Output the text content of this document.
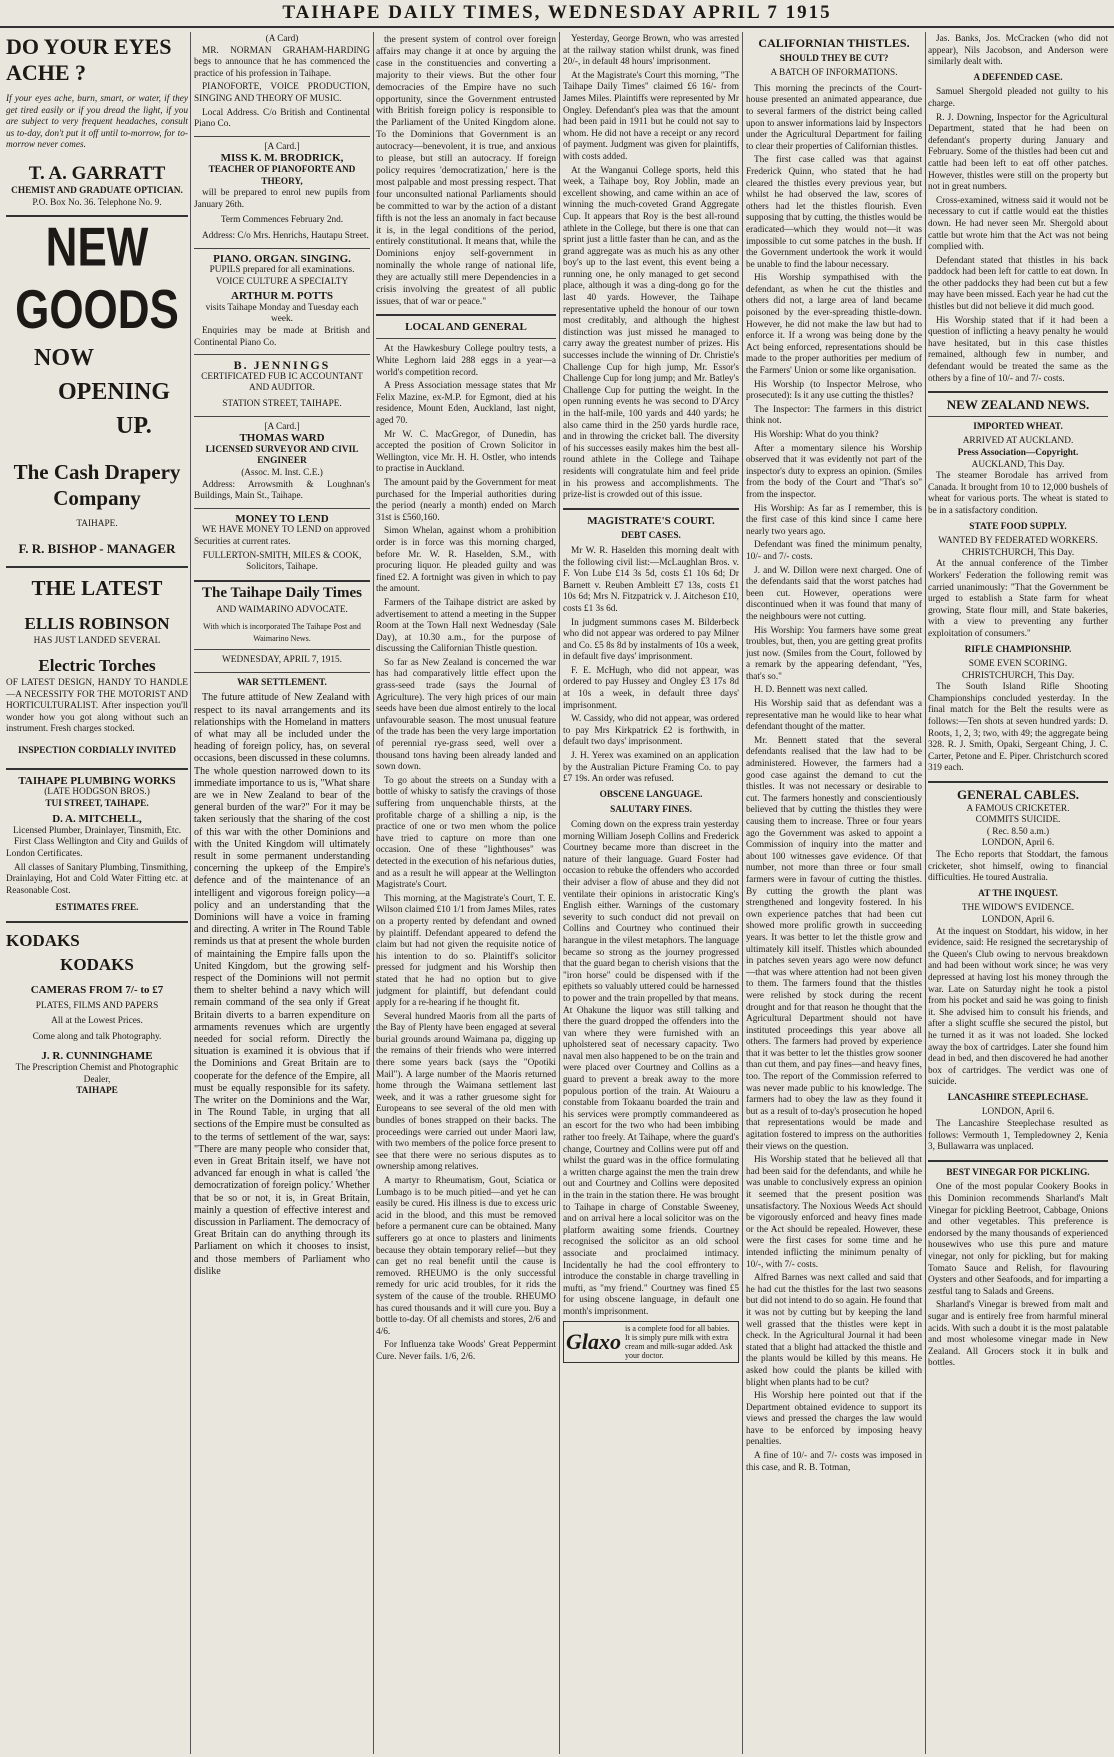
TAIHAPE DAILY TIMES, WEDNESDAY APRIL 7 1915
DO YOUR EYES ACHE ?

If your eyes ache, burn, smart, or water, if they get tired easily or if you dread the light, if you are subject to very frequent headaches, consult us to-day, don't put it off until to-morrow, for to-morrow never comes.

T. A. GARRATT
CHEMIST AND GRADUATE OPTICIAN.
P.O. Box No. 36. Telephone No. 9.
NEW GOODS
NOW
OPENING
UP.
The Cash Drapery Company
TAIHAPE.
F. R. BISHOP - MANAGER
THE LATEST
ELLIS ROBINSON
HAS JUST LANDED SEVERAL
Electric Torches

OF LATEST DESIGN, HANDY TO HANDLE—A NECESSITY FOR THE MOTORIST AND HORTICULTURALIST. After inspection you'll wonder how you got along without such an instrument. Fresh charges stocked.

INSPECTION CORDIALLY INVITED
TAIHAPE PLUMBING WORKS
(LATE HODGSON BROS.)
TUI STREET, TAIHAPE.
D. A. MITCHELL,
Licensed Plumber, Drainlayer, Tinsmith, Etc.

First Class Wellington and City and Guilds of London Certificates.

All classes of Sanitary Plumbing, Tinsmithing, Drainlaying, Hot and Cold Water Fitting etc. at Reasonable Cost.

ESTIMATES FREE.
KODAKS
KODAKS
CAMERAS FROM 7/- to £7
PLATES, FILMS AND PAPERS
All at the Lowest Prices.
Come along and talk Photography.
J. R. CUNNINGHAME
The Prescription Chemist and Photographic Dealer,
TAIHAPE
(A Card)

MR. NORMAN GRAHAM-HARDING begs to announce that he has commenced the practice of his profession in Taihape.

PIANOFORTE, VOICE PRODUCTION, SINGING AND THEORY OF MUSIC.

Local Address. C/o British and Continental Piano Co.

[A Card.]
MISS K. M. BRODRICK,
TEACHER OF PIANOFORTE AND THEORY,

will be prepared to enrol new pupils from January 26th.

Term Commences February 2nd.

Address: C/o Mrs. Henrichs, Hautapu Street.

PIANO. ORGAN. SINGING.
PUPILS prepared for all examinations.
VOICE CULTURE A SPECIALTY
ARTHUR M. POTTS
visits Taihape Monday and Tuesday each week.

Enquiries may be made at British and Continental Piano Co.

B. JENNINGS
CERTIFICATED FUB IC ACCOUNTANT AND AUDITOR.
STATION STREET, TAIHAPE.
[A Card.]
THOMAS WARD
LICENSED SURVEYOR AND CIVIL ENGINEER
(Assoc. M. Inst. C.E.)

Address: Arrowsmith & Loughnan's Buildings, Main St., Taihape.

MONEY TO LEND

WE HAVE MONEY TO LEND on approved Securities at current rates.

FULLERTON-SMITH, MILES & COOK,
Solicitors, Taihape.
The Taihape Daily Times
AND WAIMARINO ADVOCATE.
With which is incorporated The Taihape Post and Waimarino News.
WEDNESDAY, APRIL 7, 1915.
WAR SETTLEMENT.

The future attitude of New Zealand with respect to its naval arrangements and its relationships with the Homeland in matters of what may all be included under the heading of foreign policy, has, on several occasions, been discussed in these columns. The whole question narrowed down to its immediate importance to us is, "What share are we in New Zealand to bear of the general burden of the war?" For it may be taken seriously that the sharing of the cost of this war with the other Dominions and with the United Kingdom will ultimately result in some permanent understanding concerning the upkeep of the Empire's defence and of the maintenance of an intelligent and vigorous foreign policy—a policy and an understanding that the Dominions will have a voice in framing and directing. A writer in The Round Table reminds us that at present the whole burden of maintaining the Empire falls upon the United Kingdom, but the growing self-respect of the Dominions will not permit them to shelter behind a navy which will remain command of the sea only if Great Britain diverts to a barren expenditure on armaments revenues which are urgently needed for social reform. Directly the situation is examined it is obvious that if the Dominions and Great Britain are to cooperate for the defence of the Empire, all must be equally responsible for its safety. The writer on the Dominions and the War, in The Round Table, in urging that all sections of the Empire must be consulted as to the terms of settlement of the war, says: "There are many people who consider that, even in Great Britain itself, we have not advanced far enough in what is called 'the democratization of foreign policy.' Whether that be so or not, it is, in Great Britain, mainly a question of effective interest and discussion in Parliament. The democracy of Great Britain can do anything through its Parliament on which it chooses to insist, and those members of Parliament who dislike

the present system of control over foreign affairs may change it at once by arguing the case in the constituencies and converting a majority to their views. But the other four democracies of the Empire have no such opportunity, since the Government entrusted with British foreign policy is responsible to the Parliament of the United Kingdom alone. To the Dominions that Government is an autocracy—benevolent, it is true, and anxious to please, but still an autocracy. If foreign policy requires 'democratization,' here is the most palpable and most pressing respect. That four unconsulted national Parliaments should be committed to war by the action of a distant fifth is not the less an anomaly in fact because it is, in the legal conditions of the period, entirely constitutional. It means that, while the Dominions enjoy self-government in nominally the whole range of national life, they are actually still mere Dependencies in a crisis involving the greatest of all public issues, that of war or peace."

LOCAL AND GENERAL

At the Hawkesbury College poultry tests, a White Leghorn laid 288 eggs in a year—a world's competition record.

A Press Association message states that Mr Felix Mazine, ex-M.P. for Egmont, died at his residence, Mount Eden, Auckland, last night, aged 70.

Mr W. C. MacGregor, of Dunedin, has accepted the position of Crown Solicitor in Wellington, vice Mr. H. H. Ostler, who intends to practise in Auckland.

The amount paid by the Government for meat purchased for the Imperial authorities during the period (nearly a month) ended on March 31st is £560,160.

Simon Whelan, against whom a prohibition order is in force was this morning charged, before Mr. W. R. Haselden, S.M., with procuring liquor. He pleaded guilty and was fined £2. A fortnight was given in which to pay the amount.

Farmers of the Taihape district are asked by advertisement to attend a meeting in the Supper Room at the Town Hall next Wednesday (Sale Day), at 10.30 a.m., for the purpose of discussing the Californian Thistle question.

So far as New Zealand is concerned the war has had comparatively little effect upon the grass-seed trade (says the Journal of Agriculture). The very high prices of our main seeds have been due almost entirely to the local unfavourable season. The most unusual feature of the trade has been the very large importation of perennial rye-grass seed, well over a thousand tons having been already landed and sown down.

To go about the streets on a Sunday with a bottle of whisky to satisfy the cravings of those suffering from unquenchable thirsts, at the profitable charge of a shilling a nip, is the practice of one or two men whom the police have tried to capture on more than one occasion. One of these "lighthouses" was detected in the execution of his nefarious duties, and as a result he will appear at the Wellington Magistrate's Court.

This morning, at the Magistrate's Court, T. E. Wilson claimed £10 1/1 from James Miles, rates on a property rented by defendant and owned by plaintiff. Defendant appeared to defend the claim but had not given the requisite notice of his intention to do so. Plaintiff's solicitor pressed for judgment and his Worship then stated that he had no option but to give judgment for plaintiff, but defendant could apply for a re-hearing if he thought fit.

Several hundred Maoris from all the parts of the Bay of Plenty have been engaged at several burial grounds around Waimana pa, digging up the remains of their friends who were interred there some years back (says the "Opotiki Mail"). A large number of the Maoris returned home through the Waimana settlement last week, and it was a rather gruesome sight for Europeans to see several of the old men with bundles of bones strapped on their backs. The proceedings were carried out under Maori law, with two members of the police force present to see that there were no serious disputes as to ownership among relatives.

A martyr to Rheumatism, Gout, Sciatica or Lumbago is to be much pitied—and yet he can easily be cured. His illness is due to excess uric acid in the blood, and this must be removed before a permanent cure can be obtained. Many sufferers go at once to plasters and liniments because they obtain temporary relief—but they can get no real benefit until the cause is removed. RHEUMO is the only successful remedy for uric acid troubles, for it rids the system of the cause of the trouble. RHEUMO has cured thousands and it will cure you. Buy a bottle to-day. Of all chemists and stores, 2/6 and 4/6.

For Influenza take Woods' Great Peppermint Cure. Never fails. 1/6, 2/6.

Yesterday, George Brown, who was arrested at the railway station whilst drunk, was fined 20/-, in default 48 hours' imprisonment.

At the Magistrate's Court this morning, "The Taihape Daily Times" claimed £6 16/- from James Miles. Plaintiffs were represented by Mr Ongley. Defendant's plea was that the amount had been paid in 1911 but he could not say to whom. He did not have a receipt or any record of payment. Judgment was given for plaintiffs, with costs added.

At the Wanganui College sports, held this week, a Taihape boy, Roy Joblin, made an excellent showing, and came within an ace of winning the much-coveted Grand Aggregate Cup. It appears that Roy is the best all-round athlete in the College, but there is one that can sprint just a little faster than he can, and as the grand aggregate was as much his as any other boy's up to the last event, this event being a running one, he only managed to get second place, although it was a ding-dong go for the last 40 yards. However, the Taihape representative upheld the honour of our town most creditably, and although the highest distinction was just missed he managed to carry away the greatest number of prizes. His successes include the winning of Dr. Christie's Challenge Cup for high jump, Mr. Essor's Challenge Cup for long jump; and Mr. Batley's Challenge Cup for putting the weight. In the open running events he was second to D'Arcy in the half-mile, 100 yards and 440 yards; he also came third in the 250 yards hurdle race, and in throwing the cricket ball. The diversity of his successes easily makes him the best all-round athlete in the College and Taihape residents will congratulate him and feel pride in his prowess and accomplishments. The prize-list is crowded out of this issue.

MAGISTRATE'S COURT.
DEBT CASES.

Mr W. R. Haselden this morning dealt with the following civil list:—McLaughlan Bros. v. F. Von Lube £14 3s 5d, costs £1 10s 6d; Dr Barnett v. Reuben Ambleitt £7 13s, costs £1 10s 6d; Mrs N. Fitzpatrick v. J. Aitcheson £10, costs £1 3s 6d.

In judgment summons cases M. Bilderbeck who did not appear was ordered to pay Milner and Co. £5 8s 8d by instalments of 10s a week, in default five days' imprisonment.

F. E. McHugh, who did not appear, was ordered to pay Hussey and Ongley £3 17s 8d at 10s a week, in default three days' imprisonment.

W. Cassidy, who did not appear, was ordered to pay Mrs Kirkpatrick £2 is forthwith, in default two days' imprisonment.

J. H. Yerex was examined on an application by the Australian Picture Framing Co. to pay £7 19s. An order was refused.

OBSCENE LANGUAGE.
SALUTARY FINES.

Coming down on the express train yesterday morning William Joseph Collins and Frederick Courtney became more than discreet in the nature of their language. Guard Foster had occasion to rebuke the offenders who accorded their adviser a flow of abuse and they did not ventilate their opinions in aristocratic King's English either. Warnings of the customary severity to such conduct did not prevail on Collins and Courtney who continued their harangue in the vilest metaphors. The language became so strong as the journey progressed that the guard began to cherish visions that the "iron horse" could be dispensed with if the epithets so valuably uttered could be harnessed to power and the train propelled by that means. At Ohakune the liquor was still talking and there the guard dropped the offenders into the van where they were furnished with an upholstered seat of necessary capacity. Two naval men also happened to be on the train and were placed over Courtney and Collins as a guard to prevent a break away to the more populous portion of the train. At Waiouru a constable from Tokaanu boarded the train and his services were promptly commandeered as an escort for the two who had been imbibing rather too freely. At Taihape, where the guard's change, Courtney and Collins were put off and whilst the guard was in the office formulating a written charge against the men the train drew out and Courtney and Collins were deposited in the train in the station there. He was brought to Taihape in charge of Constable Sweeney, and on arrival here a local solicitor was on the platform awaiting some friends. Courtney recognised the solicitor as an old school associate and proclaimed intimacy. Incidentally he had the cool effrontery to introduce the constable in charge travelling in mufti, as "my friend." Courtney was fined £5 for using obscene language, in default one month's imprisonment.

Glaxo
is a complete food for all babies. It is simply pure milk with extra cream and milk-sugar added. Ask your doctor.
CALIFORNIAN THISTLES.
SHOULD THEY BE CUT?
A BATCH OF INFORMATIONS.

This morning the precincts of the Court-house presented an animated appearance, due to several farmers of the district being called upon to answer informations laid by Inspectors under the Agricultural Department for failing to clear their properties of Californian thistles.

The first case called was that against Frederick Quinn, who stated that he had cleared the thistles every previous year, but whilst he had observed the law, scores of others had let the thistles flourish. Even supposing that by cutting, the thistles would be eradicated—which they would not—it was impossible to cut some patches in the bush. If the Government undertook the work it would be unable to find the labour necessary.

His Worship sympathised with the defendant, as when he cut the thistles and others did not, a large area of land became poisoned by the ever-spreading thistle-down. However, he did not make the law but had to enforce it. If a wrong was being done by the Act being enforced, representations should be made to the proper authorities per medium of the Farmers' Union or some like organisation.

His Worship (to Inspector Melrose, who prosecuted): Is it any use cutting the thistles?

The Inspector: The farmers in this district think not.

His Worship: What do you think?

After a momentary silence his Worship observed that it was evidently not part of the inspector's duty to express an opinion. (Smiles from the body of the Court and "That's so" from the inspector.

His Worship: As far as I remember, this is the first case of this kind since I came here nearly two years ago.

Defendant was fined the minimum penalty, 10/- and 7/- costs.

J. and W. Dillon were next charged. One of the defendants said that the worst patches had been cut. However, operations were discontinued when it was found that many of the neighbours were not cutting.

His Worship: You farmers have some great troubles, but, then, you are getting great profits just now. (Smiles from the Court, followed by a remark by the appearing defendant, "Yes, that's so."

H. D. Bennett was next called.

His Worship said that as defendant was a representative man he would like to hear what defendant thought of the matter.

Mr. Bennett stated that the several defendants realised that the law had to be administered. However, the farmers had a good case against the demand to cut the thistles. It was not necessary or desirable to cut. The farmers honestly and conscientiously believed that by cutting the thistles they were causing them to increase. Three or four years ago the Government was asked to appoint a Commission of inquiry into the matter and about 100 witnesses gave evidence. Of that number, not more than three or four small farmers were in favour of cutting the thistles. By cutting the growth the plant was strengthened and longevity fostered. In his own experience patches that had been cut showed more prolific growth in succeeding years. It was better to let the thistle grow and ultimately kill itself. Thistles which abounded in patches seven years ago were now defunct—that was where attention had not been given to them. The farmers found that the thistles were relished by stock during the recent drought and for that reason he thought that the Agricultural Department should not have instituted proceedings this year above all others. The farmers had proved by experience that it was better to let the thistles grow sooner than cut them, and pay fines—and heavy fines, too. The report of the Commission referred to was never made public to his knowledge. The farmers had to obey the law as they found it but as a result of to-day's prosecution he hoped that representations would be made and agitation fostered to impress on the authorities their views on the question.

His Worship stated that he believed all that had been said for the defendants, and while he was unable to conclusively express an opinion it seemed that the present position was unsatisfactory. The Noxious Weeds Act should be vigorously enforced and heavy fines made or the Act should be repealed. However, these were the first cases for some time and he intended inflicting the minimum penalty of 10/-, with 7/- costs.

Alfred Barnes was next called and said that he had cut the thistles for the last two seasons but did not intend to do so again. He found that it was not by cutting but by keeping the land well grassed that the thistles were kept in check. In the Agricultural Journal it had been stated that a blight had attacked the thistle and the plants would be killed by this means. He asked how could the plants be killed with blight when plants had to be cut?

His Worship here pointed out that if the Department obtained evidence to support its views and pressed the charges the law would have to be enforced by imposing heavy penalties.

A fine of 10/- and 7/- costs was imposed in this case, and R. B. Totman,

Jas. Banks, Jos. McCracken (who did not appear), Nils Jacobson, and Anderson were similarly dealt with.

A DEFENDED CASE.

Samuel Shergold pleaded not guilty to his charge.

R. J. Downing, Inspector for the Agricultural Department, stated that he had been on defendant's property during January and February. Some of the thistles had been cut and cattle had been left to eat off other patches. However, thistles were still on the property but not in great numbers.

Cross-examined, witness said it would not be necessary to cut if cattle would eat the thistles down. He had never seen Mr. Shergold about cattle but wrote him that the Act was not being complied with.

Defendant stated that thistles in his back paddock had been left for cattle to eat down. In the other paddocks they had been cut but a few may have been missed. Each year he had cut the thistles but did not believe it did much good.

His Worship stated that if it had been a question of inflicting a heavy penalty he would have hesitated, but in this case thistles remained, although few in number, and defendant would be treated the same as the others by a fine of 10/- and 7/- costs.

NEW ZEALAND NEWS.
IMPORTED WHEAT.
ARRIVED AT AUCKLAND.
Press Association—Copyright.
AUCKLAND, This Day.

The steamer Borodale has arrived from Canada. It brought from 10 to 12,000 bushels of wheat for various ports. The wheat is stated to be in a satisfactory condition.

STATE FOOD SUPPLY.
WANTED BY FEDERATED WORKERS.
CHRISTCHURCH, This Day.

At the annual conference of the Timber Workers' Federation the following remit was carried unanimously: "That the Government be urged to establish a State farm for wheat growing, State flour mill, and State bakeries, with a view to preventing any further exploitation of consumers."

RIFLE CHAMPIONSHIP.
SOME EVEN SCORING.
CHRISTCHURCH, This Day.

The South Island Rifle Shooting Championships concluded yesterday. In the final match for the Belt the results were as follows:—Ten shots at seven hundred yards: D. Roots, 1, 2, 3; two, with 49; the aggregate being 328. R. J. Smith, Opaki, Sergeant Ching, J. C. Carter, Petone and E. Piper. Christchurch scored 319 each.

GENERAL CABLES.
A FAMOUS CRICKETER.
COMMITS SUICIDE.
( Rec. 8.50 a.m.)
LONDON, April 6.

The Echo reports that Stoddart, the famous cricketer, shot himself, owing to financial difficulties. He toured Australia.

AT THE INQUEST.
THE WIDOW'S EVIDENCE.
LONDON, April 6.

At the inquest on Stoddart, his widow, in her evidence, said: He resigned the secretaryship of the Queen's Club owing to nervous breakdown and had been without work since; he was very depressed at having lost his money through the war. Late on Saturday night he took a pistol from his pocket and said he was going to finish it. She advised him to consult his friends, and after a slight scuffle she secured the pistol, but he turned it as it was not loaded. She locked away the box of cartridges. Later she found him dead in bed, and then discovered he had another box of cartridges. The verdict was one of suicide.

LANCASHIRE STEEPLECHASE.
LONDON, April 6.

The Lancashire Steeplechase resulted as follows: Vermouth 1, Templedowney 2, Kenia 3, Bullawarra was unplaced.

BEST VINEGAR FOR PICKLING.

One of the most popular Cookery Books in this Dominion recommends Sharland's Malt Vinegar for pickling Beetroot, Cabbage, Onions and other vegetables. This preference is endorsed by the many thousands of experienced housewives who use this pure and mature vinegar, not only for pickling, but for making Tomato Sauce and Relish, for flavouring Oysters and other Seafoods, and for imparting a zestful tang to Salads and Greens.

Sharland's Vinegar is brewed from malt and sugar and is entirely free from harmful mineral acids. With such a doubt it is the most palatable and most wholesome vinegar made in New Zealand. All Grocers stock it in bulk and bottles.
